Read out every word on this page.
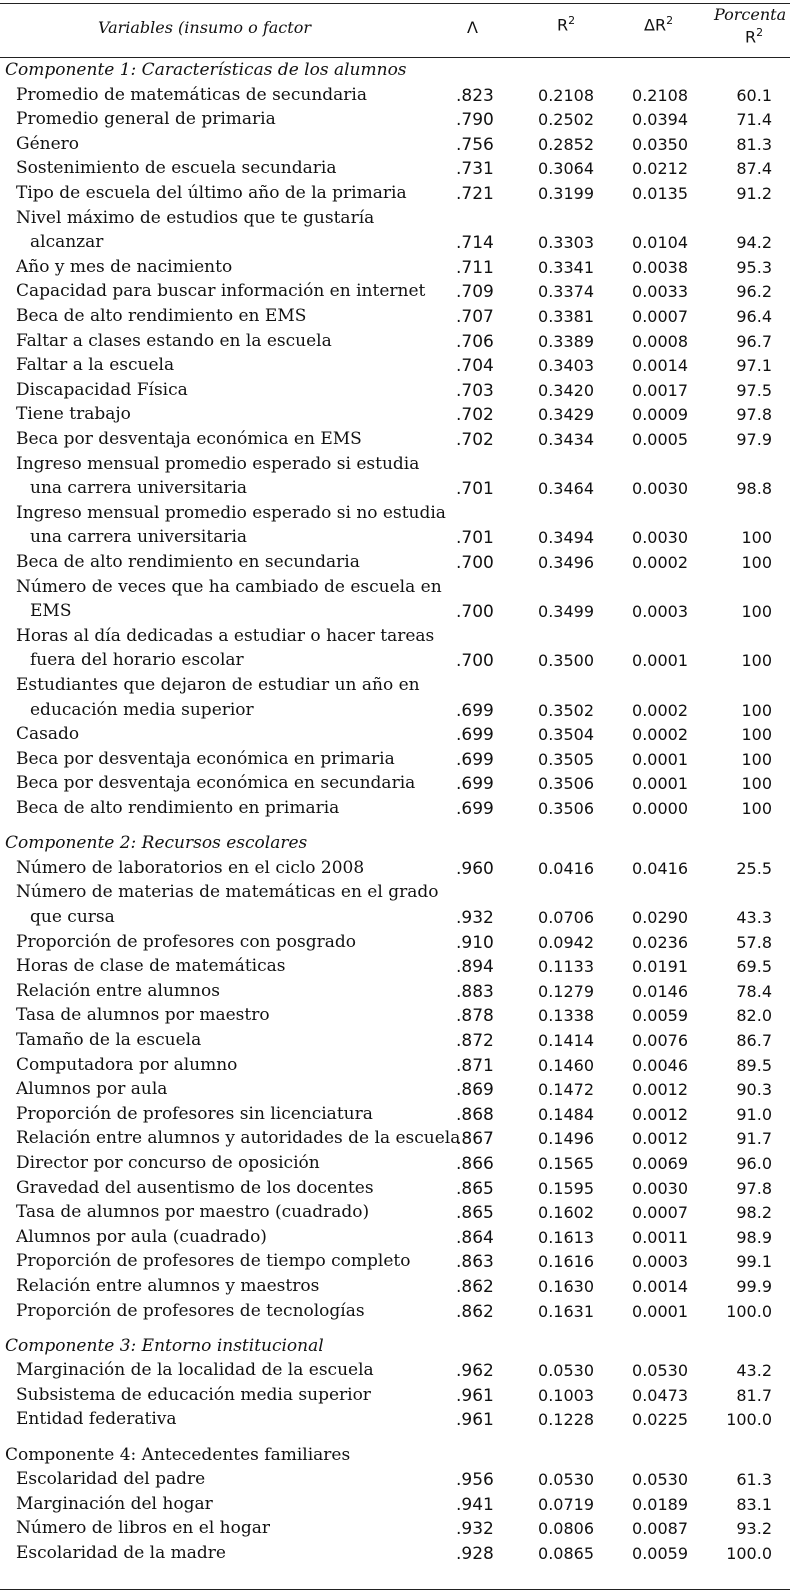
Variables (insumo o factor	Λ	$R^2$	$\Delta R^2$	Porcenta
$R^2$
Componente 1: Características de los alumnos
Promedio de matemáticas de secundaria	.823	0.2108 0.2108	60.1
Promedio general de primaria	.790	0.2502 0.0394	71.4
Género	.756	0.2852 0.0350	81.3
Sostenimiento de escuela secundaria	.731	0.3064 0.0212	87.4
Tipo de escuela del último año de la primaria	.721	0.3199 0.0135	91.2
Nivel máximo de estudios que te gustaría
alcanzar	.714	0.3303 0.0104	94.2
Año y mes de nacimiento	.711	0.3341 0.0038	95.3
Capacidad para buscar información en internet .709	0.3374 0.0033	96.2
Beca de alto rendimiento en EMS	.707	0.3381 0.0007	96.4
Faltar a clases estando en la escuela	.706	0.3389 0.0008	96.7
Faltar a la escuela	.704	0.3403 0.0014	97.1
Discapacidad Física	.703	0.3420 0.0017	97.5
Tiene trabajo	.702	0.3429 0.0009	97.8
Beca por desventaja económica en EMS	.702	0.3434 0.0005	97.9
Ingreso mensual promedio esperado si estudia
una carrera universitaria	.701	0.3464 0.0030	98.8
Ingreso mensual promedio esperado si no estudia
una carrera universitaria	.701	0.3494 0.0030	100
Beca de alto rendimiento en secundaria	.700	0.3496 0.0002	100
Número de veces que ha cambiado de escuela en
EMS	.700	0.3499 0.0003	100
Horas al día dedicadas a estudiar o hacer tareas
fuera del horario escolar	.700	0.3500 0.0001	100
Estudiantes que dejaron de estudiar un año en
educación media superior	.699	0.3502 0.0002	100
Casado	.699	0.3504 0.0002	100
Beca por desventaja económica en primaria	.699	0.3505 0.0001	100
Beca por desventaja económica en secundaria .699	0.3506 0.0001	100
Beca de alto rendimiento en primaria	.699	0.3506 0.0000	100
Componente 2: Recursos escolares
Número de laboratorios en el ciclo 2008	.960	0.0416 0.0416	25.5
Número de materias de matemáticas en el grado
que cursa	.932	0.0706 0.0290	43.3
Proporción de profesores con posgrado	.910	0.0942 0.0236	57.8
Horas de clase de matemáticas	.894	0.1133 0.0191	69.5
Relación entre alumnos	.883	0.1279 0.0146	78.4
Tasa de alumnos por maestro	.878	0.1338 0.0059	82.0
Tamaño de la escuela	.872	0.1414 0.0076	86.7
Computadora por alumno	.871	0.1460 0.0046	89.5
Alumnos por aula	.869	0.1472 0.0012	90.3
Proporción de profesores sin licenciatura	.868	0.1484 0.0012	91.0
Relación entre alumnos y autoridades de la escuela
.867	0.1496 0.0012	91.7
Director por concurso de oposición	.866	0.1565 0.0069	96.0
Gravedad del ausentismo de los docentes	.865	0.1595 0.0030	97.8
Tasa de alumnos por maestro (cuadrado)	.865	0.1602 0.0007	98.2
Alumnos por aula (cuadrado)	.864	0.1613 0.0011	98.9
Proporción de profesores de tiempo completo	.863	0.1616 0.0003	99.1
Relación entre alumnos y maestros	.862	0.1630 0.0014	99.9
Proporción de profesores de tecnologías	.862	0.1631 0.0001 100.0
Componente 3: Entorno institucional
Marginación de la localidad de la escuela	.962	0.0530 0.0530	43.2
Subsistema de educación media superior	.961	0.1003 0.0473	81.7
Entidad federativa	.961	0.1228 0.0225 100.0
Componente 4: Antecedentes familiares
Escolaridad del padre	.956	0.0530 0.0530	61.3
Marginación del hogar	.941	0.0719 0.0189	83.1
Número de libros en el hogar	.932	0.0806 0.0087	93.2
Escolaridad de la madre	.928	0.0865 0.0059 100.0
